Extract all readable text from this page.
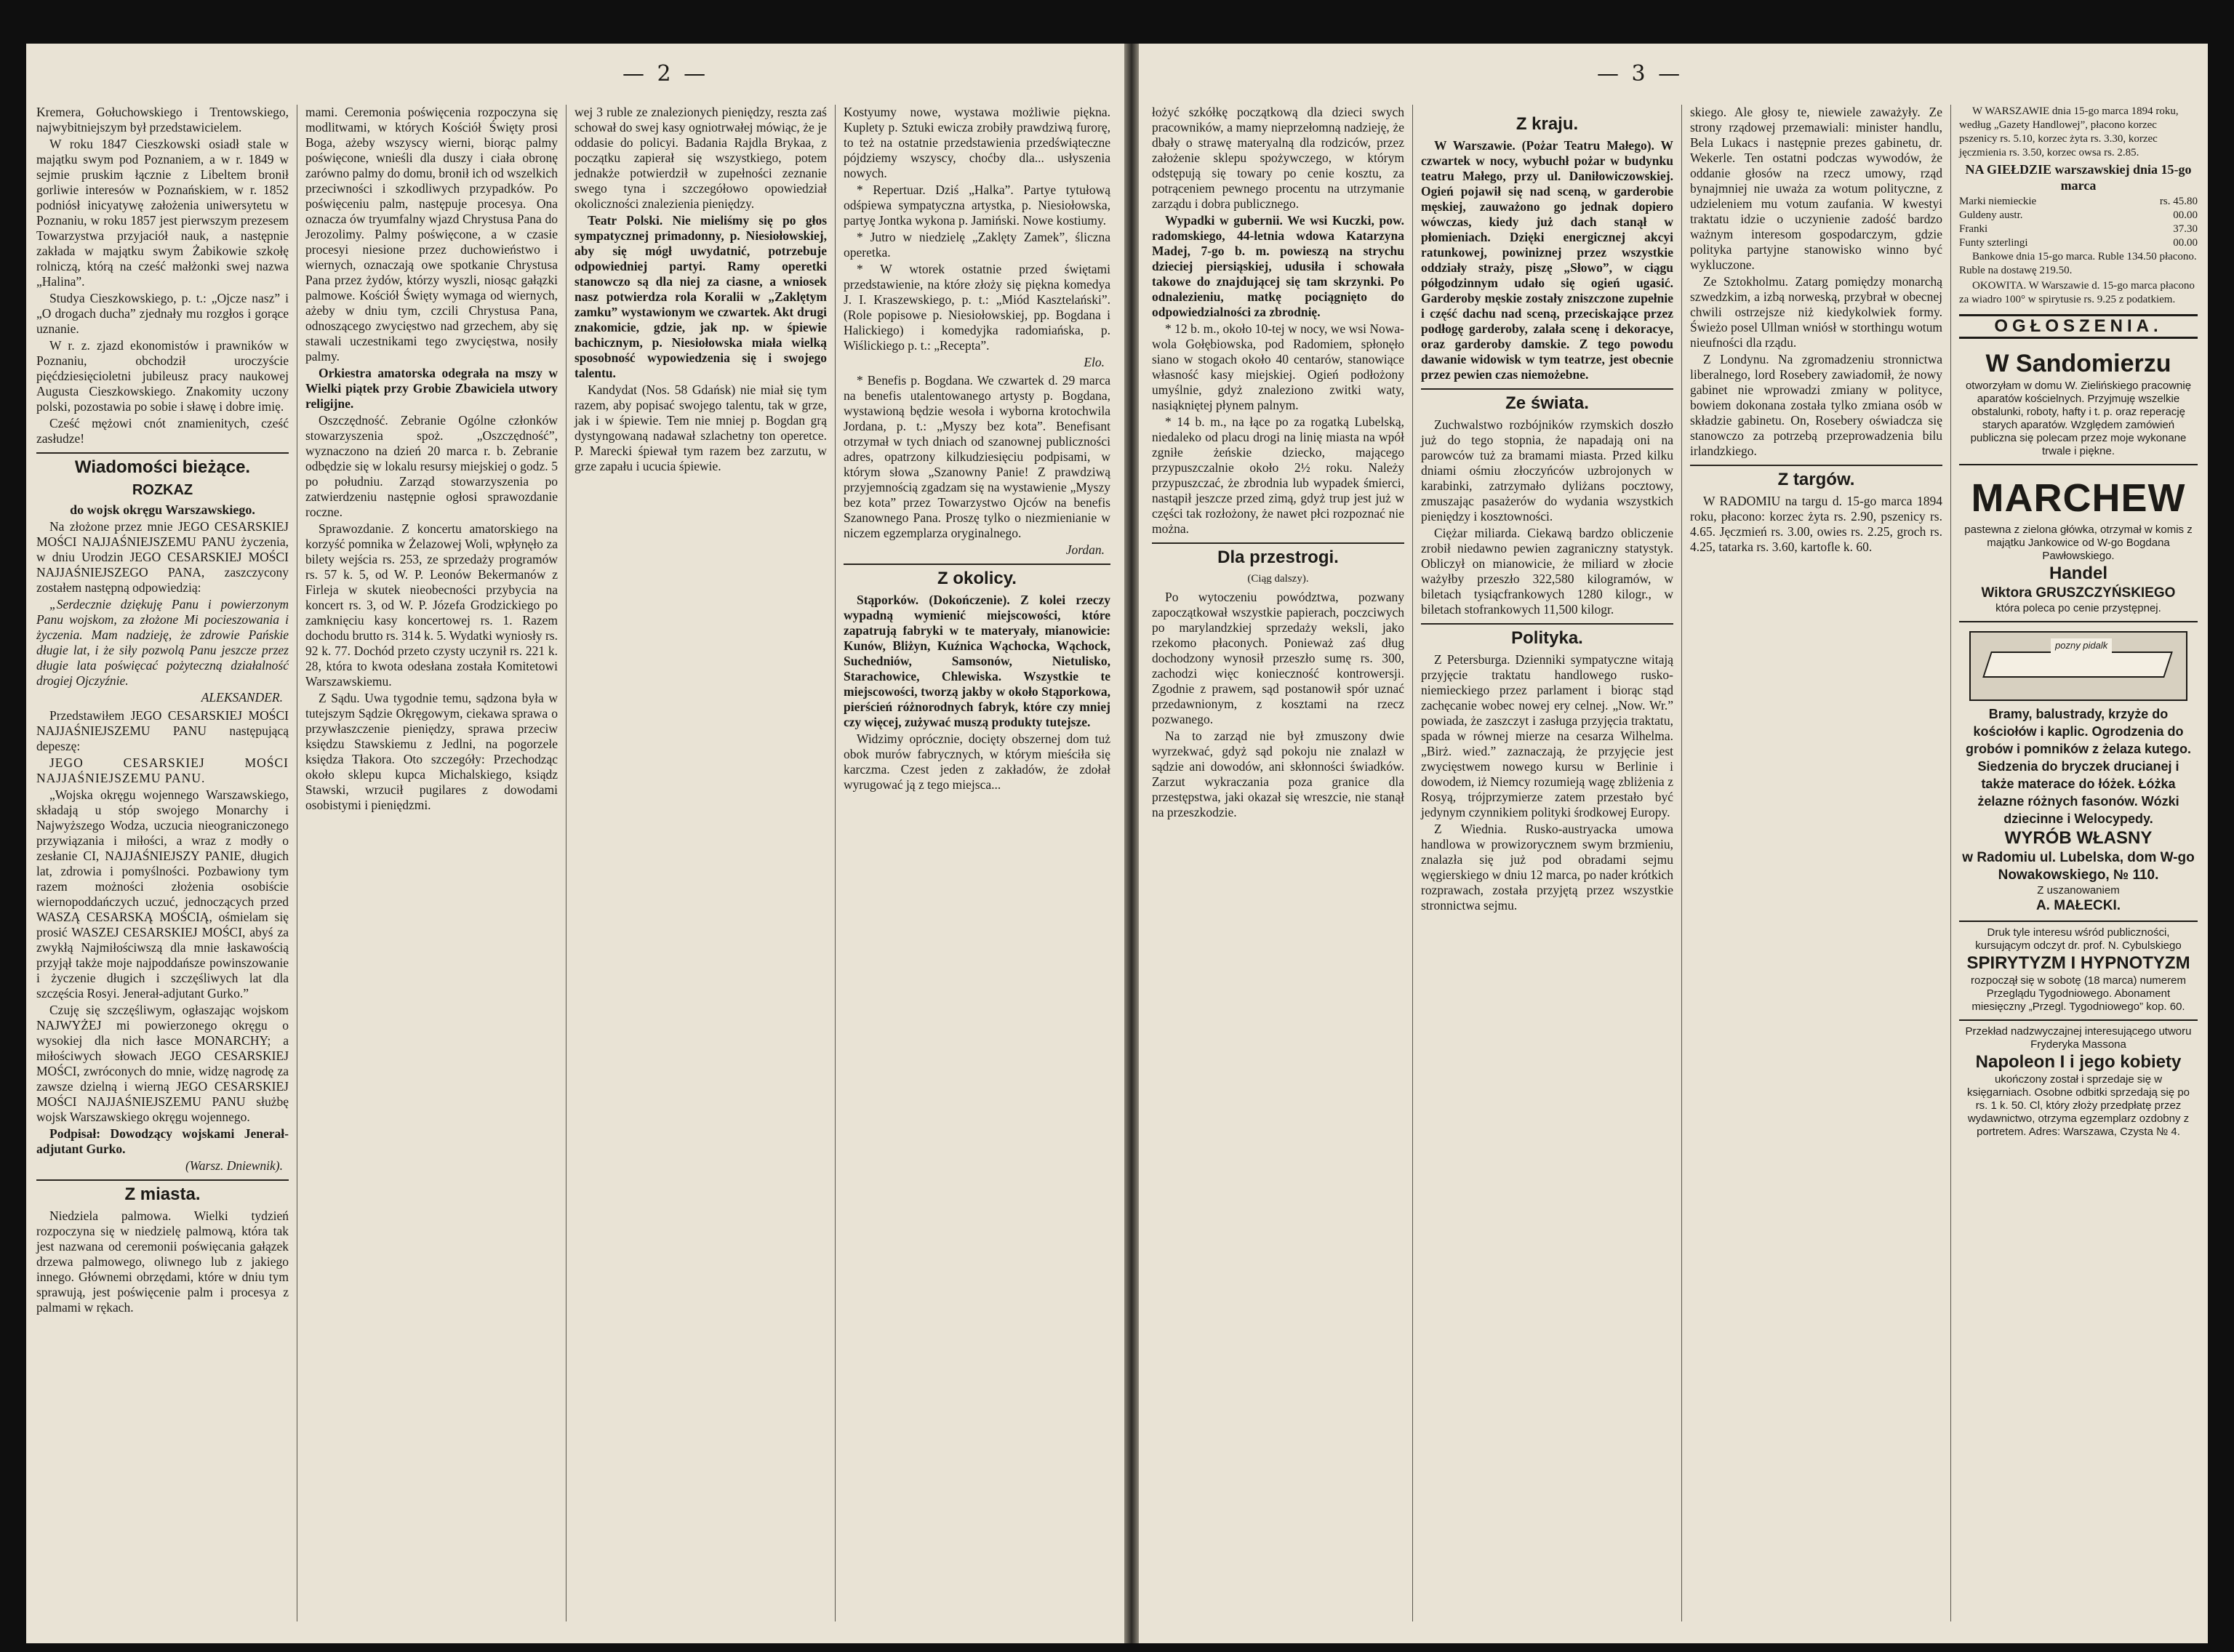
— 2 —

Kremera, Gołuchowskiego i Trentowskiego, najwybitniejszym był przedstawicielem.

W roku 1847 Cieszkowski osiadł stale w majątku swym pod Poznaniem, a w r. 1849 w sejmie pruskim łącznie z Libeltem bronił gorliwie interesów w Poznańskiem, w r. 1852 podniósł inicyatywę założenia uniwersytetu w Poznaniu, w roku 1857 jest pierwszym prezesem Towarzystwa przyjaciół nauk, a następnie zakłada w majątku swym Żabikowie szkołę rolniczą, którą na cześć małżonki swej nazwa „Halina”.

Studya Cieszkowskiego, p. t.: „Ojcze nasz” i „O drogach ducha” zjednały mu rozgłos i gorące uznanie.

W r. z. zjazd ekonomistów i prawników w Poznaniu, obchodził uroczyście pięćdziesięcioletni jubileusz pracy naukowej Augusta Cieszkowskiego. Znakomity uczony polski, pozostawia po sobie i sławę i dobre imię.

Cześć mężowi cnót znamienitych, cześć zasłudze!

Wiadomości bieżące.
ROZKAZ
do wojsk okręgu Warszawskiego.

Na złożone przez mnie JEGO CESARSKIEJ MOŚCI NAJJAŚNIEJSZEMU PANU życzenia, w dniu Urodzin JEGO CESARSKIEJ MOŚCI NAJJAŚNIEJSZEGO PANA, zaszczycony zostałem następną odpowiedzią:

„Serdecznie dziękuję Panu i powierzonym Panu wojskom, za złożone Mi pocieszowania i życzenia. Mam nadzieję, że zdrowie Pańskie długie lat, i że siły pozwolą Panu jeszcze przez długie lata poświęcać pożyteczną działalność drogiej Ojczyźnie.

ALEKSANDER.

Przedstawiłem JEGO CESARSKIEJ MOŚCI NAJJAŚNIEJSZEMU PANU następującą depeszę:

JEGO CESARSKIEJ MOŚCI NAJJAŚNIEJSZEMU PANU.

„Wojska okręgu wojennego Warszawskiego, składają u stóp swojego Monarchy i Najwyższego Wodza, uczucia nieograniczonego przywiązania i miłości, a wraz z modły o zesłanie CI, NAJJAŚNIEJSZY PANIE, długich lat, zdrowia i pomyślności. Pozbawiony tym razem możności złożenia osobiście wiernopoddańczych uczuć, jednoczących przed WASZĄ CESARSKĄ MOŚCIĄ, ośmielam się prosić WASZEJ CESARSKIEJ MOŚCI, abyś za zwykłą Najmiłościwszą dla mnie łaskawością przyjął także moje najpoddańsze powinszowanie i życzenie długich i szczęśliwych lat dla szczęścia Rosyi. Jenerał-adjutant Gurko.”

Czuję się szczęśliwym, ogłaszając wojskom NAJWYŻEJ mi powierzonego okręgu o wysokiej dla nich łasce MONARCHY; a miłościwych słowach JEGO CESARSKIEJ MOŚCI, zwróconych do mnie, widzę nagrodę za zawsze dzielną i wierną JEGO CESARSKIEJ MOŚCI NAJJAŚNIEJSZEMU PANU służbę wojsk Warszawskiego okręgu wojennego.

Podpisał: Dowodzący wojskami Jenerał-adjutant Gurko.

(Warsz. Dniewnik).
Z miasta.

Niedziela palmowa. Wielki tydzień rozpoczyna się w niedzielę palmową, która tak jest nazwana od ceremonii poświęcania gałązek drzewa palmowego, oliwnego lub z jakiego innego. Głównemi obrzędami, które w dniu tym sprawują, jest poświęcenie palm i procesya z palmami w rękach.

mami. Ceremonia poświęcenia rozpoczyna się modlitwami, w których Kościół Święty prosi Boga, ażeby wszyscy wierni, biorąc palmy poświęcone, wnieśli dla duszy i ciała obronę zarówno palmy do domu, bronił ich od wszelkich przeciwności i szkodliwych przypadków. Po poświęceniu palm, następuje procesya. Ona oznacza ów tryumfalny wjazd Chrystusa Pana do Jerozolimy. Palmy poświęcone, a w czasie procesyi niesione przez duchowieństwo i wiernych, oznaczają owe spotkanie Chrystusa Pana przez żydów, którzy wyszli, niosąc gałązki palmowe. Kościół Święty wymaga od wiernych, ażeby w dniu tym, czcili Chrystusa Pana, odnoszącego zwycięstwo nad grzechem, aby się stawali uczestnikami tego zwycięstwa, nosiły palmy.

Orkiestra amatorska odegrała na mszy w Wielki piątek przy Grobie Zbawiciela utwory religijne.

Oszczędność. Zebranie Ogólne członków stowarzyszenia spoż. „Oszczędność”, wyznaczono na dzień 20 marca r. b. Zebranie odbędzie się w lokalu resursy miejskiej o godz. 5 po południu. Zarząd stowarzyszenia po zatwierdzeniu następnie ogłosi sprawozdanie roczne.

Sprawozdanie. Z koncertu amatorskiego na korzyść pomnika w Żelazowej Woli, wpłynęło za bilety wejścia rs. 253, ze sprzedaży programów rs. 57 k. 5, od W. P. Leonów Bekermanów z Firleja w skutek nieobecności przybycia na koncert rs. 3, od W. P. Józefa Grodzickiego po zamknięciu kasy koncertowej rs. 1. Razem dochodu brutto rs. 314 k. 5. Wydatki wyniosły rs. 92 k. 77. Dochód przeto czysty uczynił rs. 221 k. 28, która to kwota odesłana została Komitetowi Warszawskiemu.

Z Sądu. Uwa tygodnie temu, sądzona była w tutejszym Sądzie Okręgowym, ciekawa sprawa o przywłaszczenie pieniędzy, sprawa przeciw księdzu Stawskiemu z Jedlni, na pogorzele księdza Tłakora. Oto szczegóły: Przechodząc około sklepu kupca Michalskiego, ksiądz Stawski, wrzucił pugilares z dowodami osobistymi i pieniędzmi.

wej 3 ruble ze znalezionych pieniędzy, reszta zaś schował do swej kasy ogniotrwałej mówiąc, że je oddasie do policyi. Badania Rajdla Brykaa, z początku zapierał się wszystkiego, potem jednakże potwierdził w zupełności zeznanie swego tyna i szczegółowo opowiedział okoliczności znalezienia pieniędzy.

Teatr Polski. Nie mieliśmy się po głos sympatycznej primadonny, p. Niesiołowskiej, aby się mógł uwydatnić, potrzebuje odpowiedniej partyi. Ramy operetki stanowczo są dla niej za ciasne, a wniosek nasz potwierdza rola Koralii w „Zaklętym zamku” wystawionym we czwartek. Akt drugi znakomicie, gdzie, jak np. w śpiewie bachicznym, p. Niesiołowska miała wielką sposobność wypowiedzenia się i swojego talentu.

Kandydat (Nos. 58 Gdańsk) nie miał się tym razem, aby popisać swojego talentu, tak w grze, jak i w śpiewie. Tem nie mniej p. Bogdan grą dystyngowaną nadawał szlachetny ton operetce. P. Marecki śpiewał tym razem bez zarzutu, w grze zapału i ucucia śpiewie.

Kostyumy nowe, wystawa możliwie piękna. Kuplety p. Sztuki ewicza zrobiły prawdziwą furorę, to też na ostatnie przedstawienia przedświąteczne pójdziemy wszyscy, choćby dla... usłyszenia nowych.

* Repertuar. Dziś „Halka”. Partye tytułową odśpiewa sympatyczna artystka, p. Niesiołowska, partyę Jontka wykona p. Jamiński. Nowe kostiumy.

* Jutro w niedzielę „Zaklęty Zamek”, śliczna operetka.

* W wtorek ostatnie przed świętami przedstawienie, na które złoży się piękna komedya J. I. Kraszewskiego, p. t.: „Miód Kasztelański”. (Role popisowe p. Niesiołowskiej, pp. Bogdana i Halickiego) i komedyjka radomiańska, p. Wiślickiego p. t.: „Recepta”.

Elo.

* Benefis p. Bogdana. We czwartek d. 29 marca na benefis utalentowanego artysty p. Bogdana, wystawioną będzie wesoła i wyborna krotochwila Jordana, p. t.: „Myszy bez kota”. Benefisant otrzymał w tych dniach od szanownej publiczności adres, opatrzony kilkudziesięciu podpisami, w którym słowa „Szanowny Panie! Z prawdziwą przyjemnością zgadzam się na wystawienie „Myszy bez kota” przez Towarzystwo Ojców na benefis Szanownego Pana. Proszę tylko o niezmienianie w niczem egzemplarza oryginalnego.

Jordan.
Z okolicy.

Stąporków. (Dokończenie). Z kolei rzeczy wypadną wymienić miejscowości, które zapatrują fabryki w te materyały, mianowicie: Kunów, Bliżyn, Kuźnica Wąchocka, Wąchock, Suchedniów, Samsonów, Nietulisko, Starachowice, Chlewiska. Wszystkie te miejscowości, tworzą jakby w około Stąporkowa, pierścień różnorodnych fabryk, które czy mniej czy więcej, zużywać muszą produkty tutejsze.

Widzimy oprócznie, docięty obszernej dom tuż obok murów fabrycznych, w którym mieściła się karczma. Czest jeden z zakładów, że zdołał wyrugować ją z tego miejsca...

— 3 —

łożyć szkółkę początkową dla dzieci swych pracowników, a mamy nieprzełomną nadzieję, że dbały o strawę materyalną dla rodziców, przez założenie sklepu spożywczego, w którym odstępują się towary po cenie kosztu, za potrąceniem pewnego procentu na utrzymanie zarządu i dobra publicznego.

Wypadki w gubernii. We wsi Kuczki, pow. radomskiego, 44-letnia wdowa Katarzyna Madej, 7-go b. m. powieszą na strychu dzieciej piersiąskiej, udusiła i schowała takowe do znajdującej się tam skrzynki. Po odnalezieniu, matkę pociągnięto do odpowiedzialności za zbrodnię.

* 12 b. m., około 10-tej w nocy, we wsi Nowa-wola Gołębiowska, pod Radomiem, spłonęło siano w stogach około 40 centarów, stanowiące własność kasy miejskiej. Ogień podłożony umyślnie, gdyż znaleziono zwitki waty, nasiąkniętej płynem palnym.

* 14 b. m., na łące po za rogatką Lubelską, niedaleko od placu drogi na linię miasta na wpół zgniłe żeńskie dziecko, mającego przypuszczalnie około 2½ roku. Należy przypuszczać, że zbrodnia lub wypadek śmierci, nastąpił jeszcze przed zimą, gdyż trup jest już w części tak rozłożony, że nawet płci rozpoznać nie można.

Dla przestrogi.
(Ciąg dalszy).

Po wytoczeniu powództwa, pozwany zapoczątkował wszystkie papierach, poczciwych po marylandzkiej sprzedaży weksli, jako rzekomo płaconych. Ponieważ zaś dług dochodzony wynosił przeszło sumę rs. 300, zachodzi więc konieczność kontrowersji. Zgodnie z prawem, sąd postanowił spór uznać przedawnionym, z kosztami na rzecz pozwanego.

Na to zarząd nie był zmuszony dwie wyrzekwać, gdyż sąd pokoju nie znalazł w sądzie ani dowodów, ani skłonności świadków. Zarzut wykraczania poza granice dla przestępstwa, jaki okazał się wreszcie, nie stanął na przeszkodzie.

Z kraju.

W Warszawie. (Pożar Teatru Małego). W czwartek w nocy, wybuchł pożar w budynku teatru Małego, przy ul. Daniłowiczowskiej. Ogień pojawił się nad sceną, w garderobie męskiej, zauważono go jednak dopiero wówczas, kiedy już dach stanął w płomieniach. Dzięki energicznej akcyi ratunkowej, powiniznej przez wszystkie oddziały straży, piszę „Słowo”, w ciągu półgodzinnym udało się ogień ugasić. Garderoby męskie zostały zniszczone zupełnie i część dachu nad sceną, przeciskające przez podłogę garderoby, zalała scenę i dekoracye, oraz garderoby damskie. Z tego powodu dawanie widowisk w tym teatrze, jest obecnie przez pewien czas niemożebne.

Ze świata.

Zuchwalstwo rozbójników rzymskich doszło już do tego stopnia, że napadają oni na parowców tuż za bramami miasta. Przed kilku dniami ośmiu złoczyńców uzbrojonych w karabinki, zatrzymało dyliżans pocztowy, zmuszając pasażerów do wydania wszystkich pieniędzy i kosztowności.

Ciężar miliarda. Ciekawą bardzo obliczenie zrobił niedawno pewien zagraniczny statystyk. Obliczył on mianowicie, że miliard w złocie ważyłby przeszło 322,580 kilogramów, w biletach tysiącfrankowych 1280 kilogr., w biletach stofrankowych 11,500 kilogr.

Polityka.

Z Petersburga. Dzienniki sympatyczne witają przyjęcie traktatu handlowego rusko-niemieckiego przez parlament i biorąc stąd zachęcanie wobec nowej ery celnej. „Now. Wr.” powiada, że zaszczyt i zasługa przyjęcia traktatu, spada w równej mierze na cesarza Wilhelma. „Birż. wied.” zaznaczają, że przyjęcie jest zwycięstwem nowego kursu w Berlinie i dowodem, iż Niemcy rozumieją wagę zbliżenia z Rosyą, trójprzymierze zatem przestało być jedynym czynnikiem polityki środkowej Europy.

Z Wiednia. Rusko-austryacka umowa handlowa w prowizorycznem swym brzmieniu, znalazła się już pod obradami sejmu węgierskiego w dniu 12 marca, po nader krótkich rozprawach, została przyjętą przez wszystkie stronnictwa sejmu.

skiego. Ale głosy te, niewiele zaważyły. Ze strony rządowej przemawiali: minister handlu, Bela Lukacs i następnie prezes gabinetu, dr. Wekerle. Ten ostatni podczas wywodów, że oddanie głosów na rzecz umowy, rząd bynajmniej nie uważa za wotum polityczne, z udzieleniem mu votum zaufania. W kwestyi traktatu idzie o uczynienie zadość bardzo ważnym interesom gospodarczym, gdzie polityka partyjne stanowisko winno być wykluczone.

Ze Sztokholmu. Zatarg pomiędzy monarchą szwedzkim, a izbą norweską, przybrał w obecnej chwili ostrzejsze niż kiedykolwiek formy. Świeżo posel Ullman wniósł w storthingu wotum nieufności dla rządu.

Z Londynu. Na zgromadzeniu stronnictwa liberalnego, lord Rosebery zawiadomił, że nowy gabinet nie wprowadzi zmiany w polityce, bowiem dokonana została tylko zmiana osób w składzie gabinetu. On, Rosebery oświadcza się stanowczo za potrzebą przeprowadzenia bilu irlandzkiego.

Z targów.

W RADOMIU na targu d. 15-go marca 1894 roku, płacono: korzec żyta rs. 2.90, pszenicy rs. 4.65. Jęczmień rs. 3.00, owies rs. 2.25, groch rs. 4.25, tatarka rs. 3.60, kartofle k. 60.

W WARSZAWIE dnia 15-go marca 1894 roku, według „Gazety Handlowej”, płacono korzec pszenicy rs. 5.10, korzec żyta rs. 3.30, korzec jęczmienia rs. 3.50, korzec owsa rs. 2.85.

NA GIEŁDZIE warszawskiej dnia 15-go marca
Marki niemieckie	rs. 45.80
Guldeny austr.	00.00
Franki	37.30
Funty szterlingi	00.00

Bankowe dnia 15-go marca. Ruble 134.50 płacono. Ruble na dostawę 219.50.

OKOWITA. W Warszawie d. 15-go marca płacono za wiadro 100° w spirytusie rs. 9.25 z podatkiem.

OGŁOSZENIA.
W Sandomierzu
otworzyłam w domu W. Zielińskiego pracownię aparatów kościelnych. Przyjmuję wszelkie obstalunki, roboty, hafty i t. p. oraz reperację starych aparatów. Względem zamówień publiczna się polecam przez moje wykonane trwale i piękne.
MARCHEW
pastewna z zielona główka, otrzymał w komis z majątku Jankowice od W-go Bogdana Pawłowskiego.
Handel
Wiktora GRUSZCZYŃSKIEGO
która poleca po cenie przystępnej.
pozny pidalk
Bramy, balustrady, krzyże do kościołów i kaplic. Ogrodzenia do grobów i pomników z żelaza kutego. Siedzenia do bryczek drucianej i także materace do łóżek. Łóżka żelazne różnych fasonów. Wózki dziecinne i Welocypedy.
WYRÓB WŁASNY
w Radomiu ul. Lubelska, dom W-go Nowakowskiego, № 110.
Z uszanowaniem
A. MAŁECKI.
Druk tyle interesu wśród publiczności, kursującym odczyt dr. prof. N. Cybulskiego
SPIRYTYZM I HYPNOTYZM
rozpoczął się w sobotę (18 marca) numerem Przeglądu Tygodniowego. Abonament miesięczny „Przegl. Tygodniowego” kop. 60.
Przekład nadzwyczajnej interesującego utworu Fryderyka Massona
Napoleon I i jego kobiety
ukończony został i sprzedaje się w księgarniach. Osobne odbitki sprzedają się po rs. 1 k. 50. Cl, który złoży przedpłatę przez wydawnictwo, otrzyma egzemplarz ozdobny z portretem. Adres: Warszawa, Czysta № 4.
